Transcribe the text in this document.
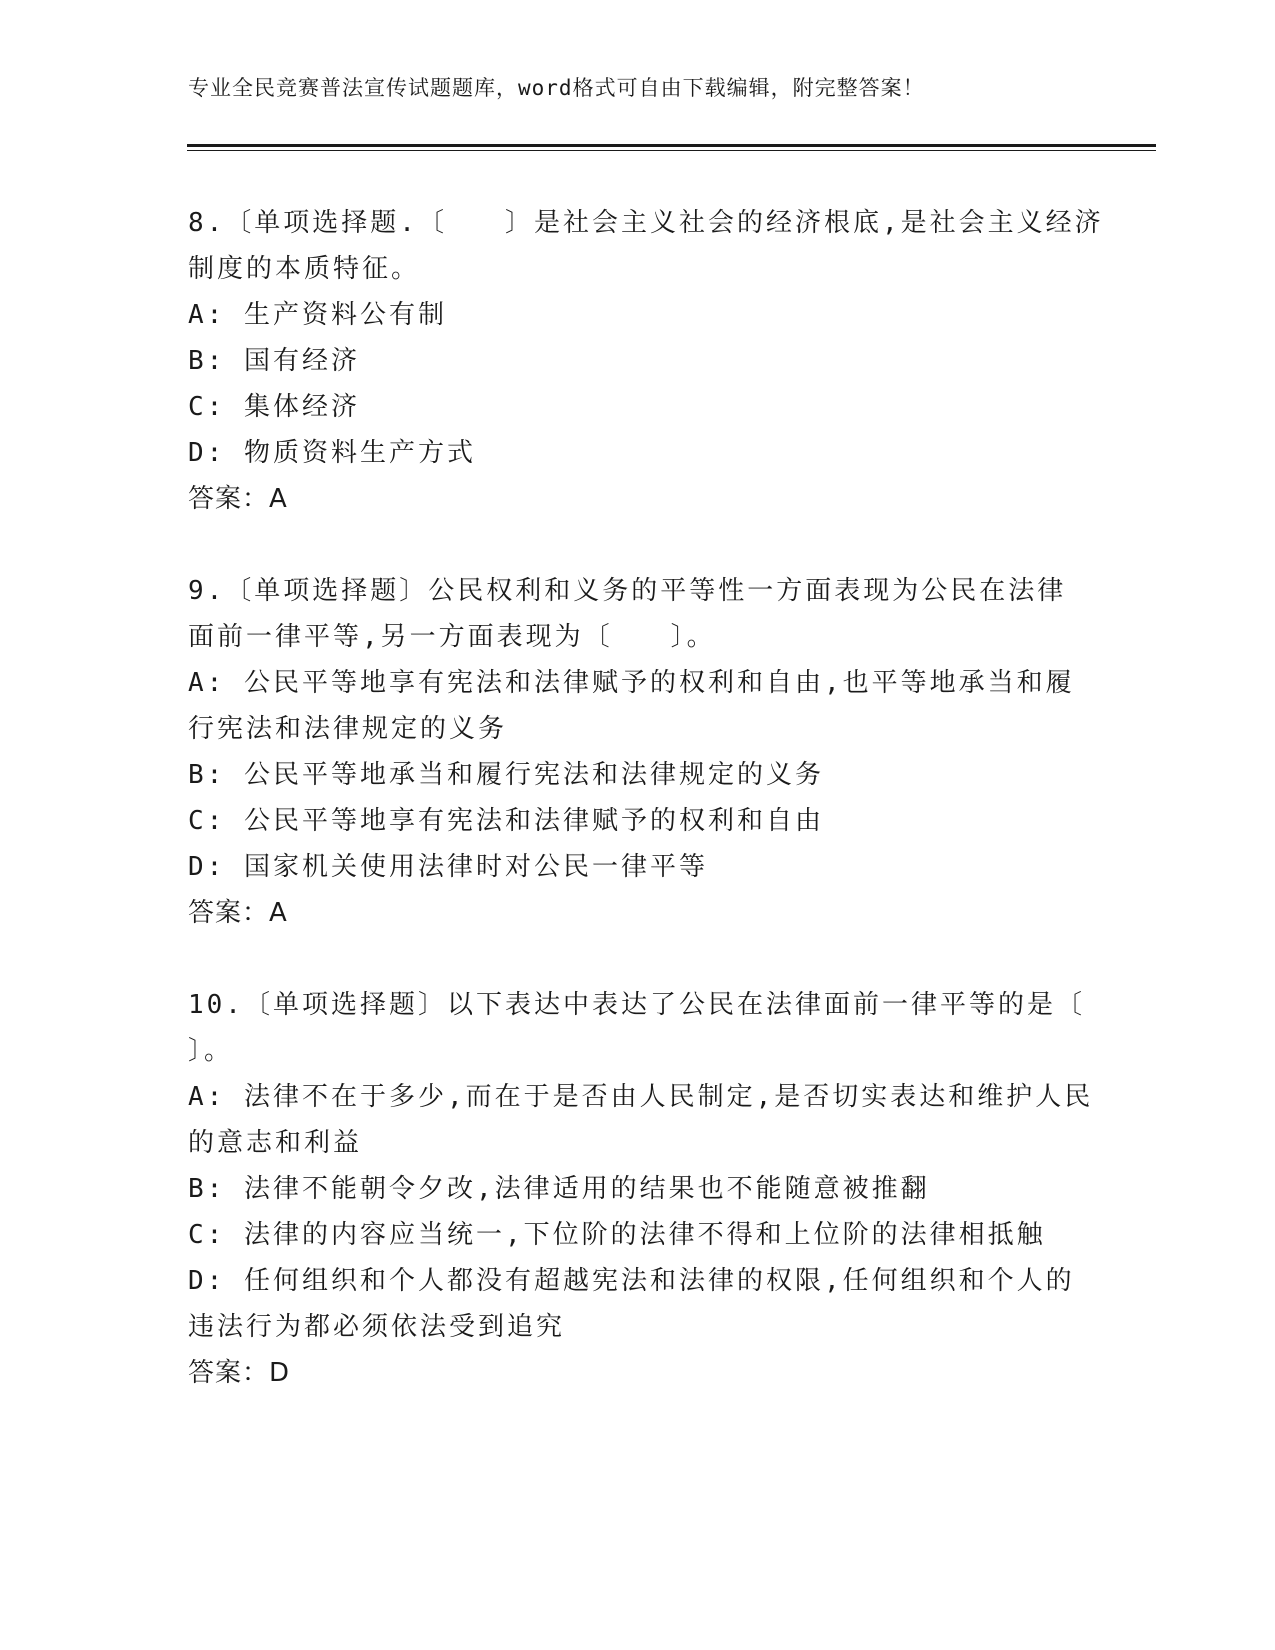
专业全民竞赛普法宣传试题题库，word格式可自由下载编辑，附完整答案！
8.〔单项选择题.〔　　〕是社会主义社会的经济根底,是社会主义经济
制度的本质特征。
A: 生产资料公有制
B: 国有经济
C: 集体经济
D: 物质资料生产方式
答案：A
9.〔单项选择题〕公民权利和义务的平等性一方面表现为公民在法律
面前一律平等,另一方面表现为〔　　〕。
A: 公民平等地享有宪法和法律赋予的权利和自由,也平等地承当和履
行宪法和法律规定的义务
B: 公民平等地承当和履行宪法和法律规定的义务
C: 公民平等地享有宪法和法律赋予的权利和自由
D: 国家机关使用法律时对公民一律平等
答案：A
10.〔单项选择题〕以下表达中表达了公民在法律面前一律平等的是〔
〕。
A: 法律不在于多少,而在于是否由人民制定,是否切实表达和维护人民
的意志和利益
B: 法律不能朝令夕改,法律适用的结果也不能随意被推翻
C: 法律的内容应当统一,下位阶的法律不得和上位阶的法律相抵触
D: 任何组织和个人都没有超越宪法和法律的权限,任何组织和个人的
违法行为都必须依法受到追究
答案：D
